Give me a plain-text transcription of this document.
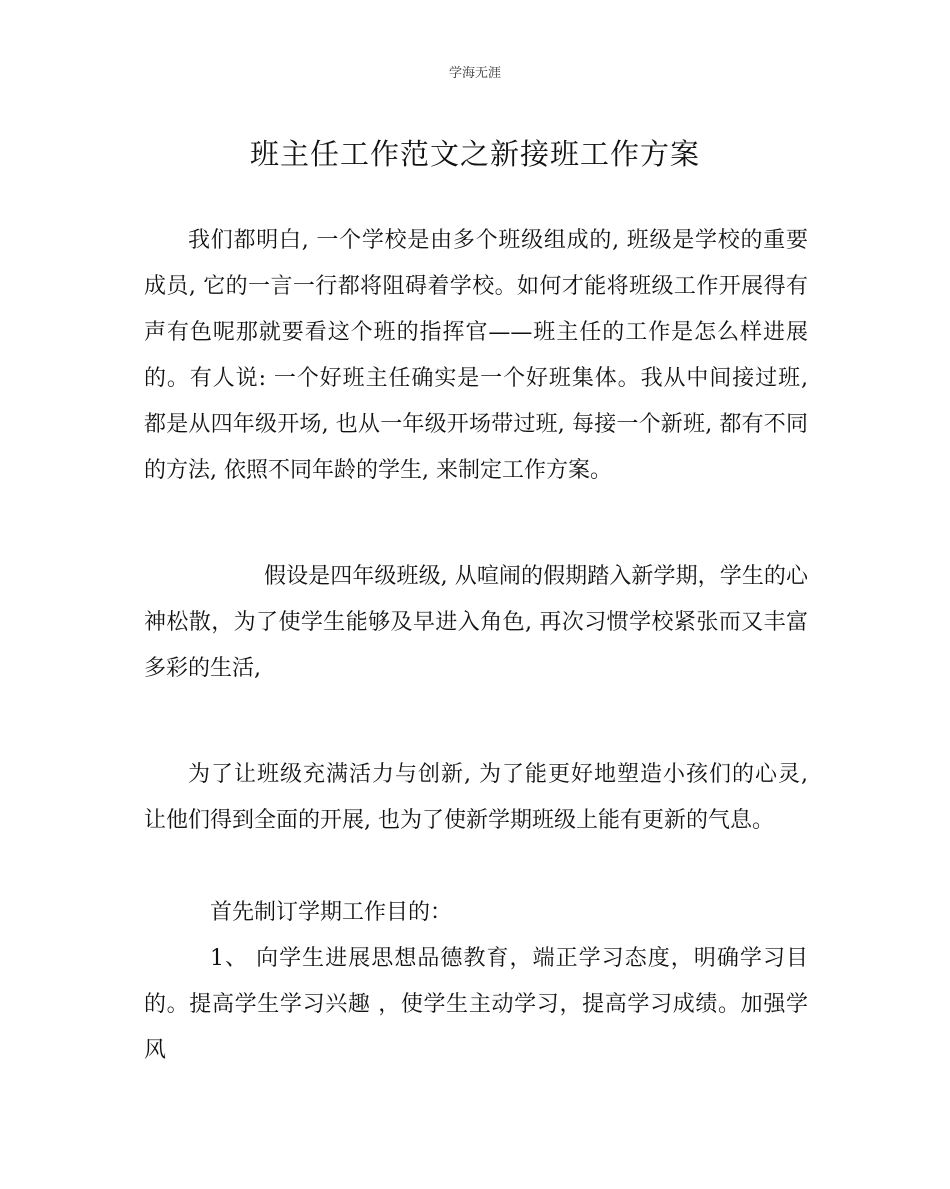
学海无涯
班主任工作范文之新接班工作方案

我们都明白, 一个学校是由多个班级组成的, 班级是学校的重要成员, 它的一言一行都将阻碍着学校。如何才能将班级工作开展得有声有色呢那就要看这个班的指挥官——班主任的工作是怎么样进展的。有人说: 一个好班主任确实是一个好班集体。我从中间接过班, 都是从四年级开场, 也从一年级开场带过班, 每接一个新班, 都有不同的方法, 依照不同年龄的学生, 来制定工作方案。

假设是四年级班级, 从喧闹的假期踏入新学期，学生的心神松散，为了使学生能够及早进入角色, 再次习惯学校紧张而又丰富多彩的生活,

为了让班级充满活力与创新, 为了能更好地塑造小孩们的心灵, 让他们得到全面的开展, 也为了使新学期班级上能有更新的气息。

首先制订学期工作目的：

1、 向学生进展思想品德教育，端正学习态度，明确学习目的。提高学生学习兴趣 ，使学生主动学习，提高学习成绩。加强学风
